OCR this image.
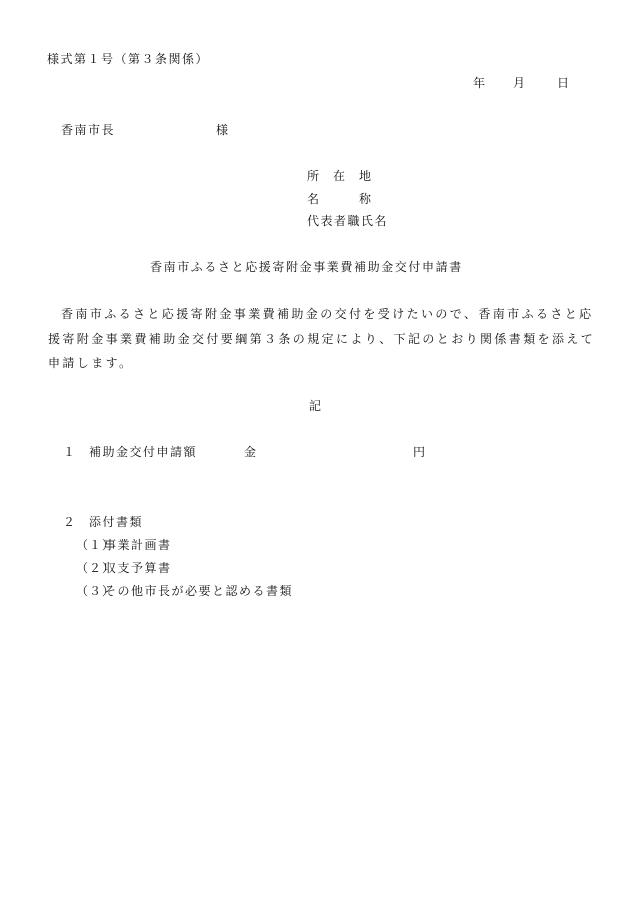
様式第１号（第３条関係）
年 月	日
香南市長	様
所　在　地
名　　　称
代表者職氏名
香南市ふるさと応援寄附金事業費補助金交付申請書
香南市ふるさと応援寄附金事業費補助金の交付を受けたいので、香南市ふるさと応
援寄附金事業費補助金交付要綱第３条の規定により、下記のとおり関係書類を添えて
申請します。
記
１ 補助金交付申請額	金	円
２ 添付書類
（１）
事業計画書
（２）
収支予算書
（３）
その他市長が必要と認める書類
